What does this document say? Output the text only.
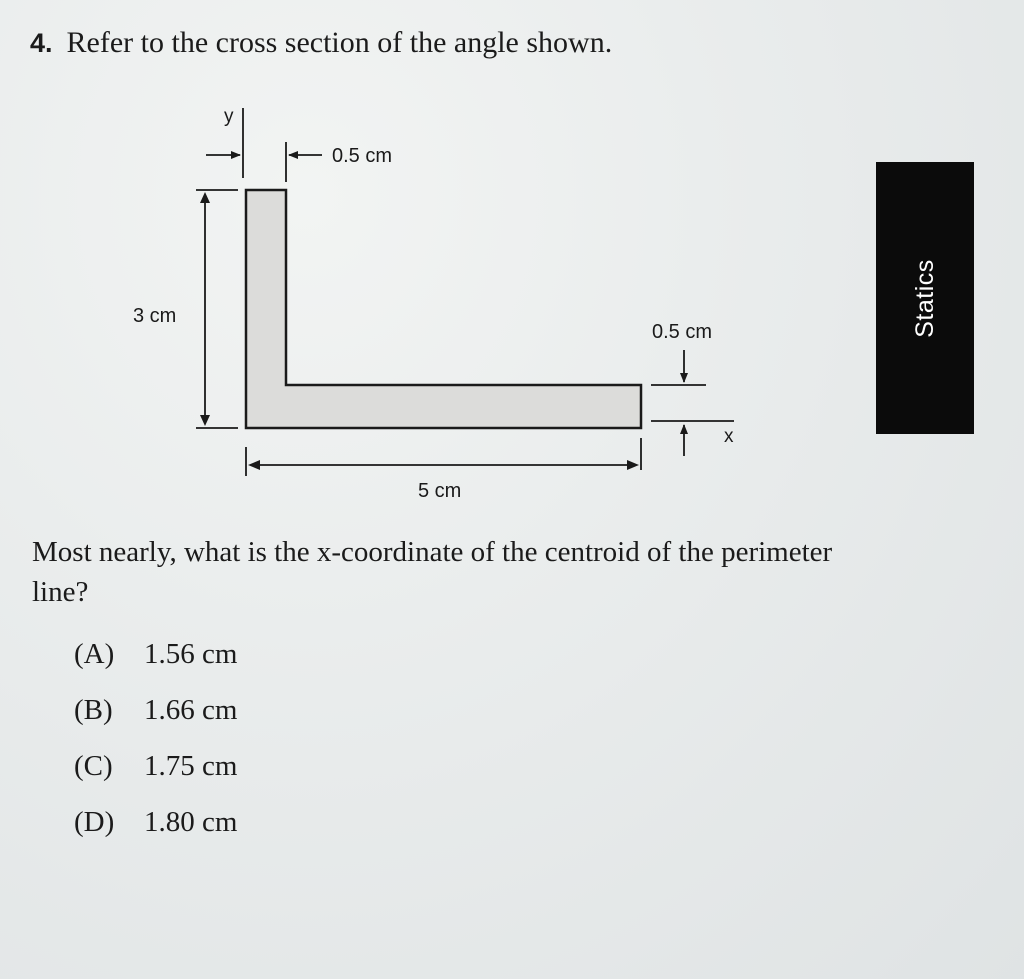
4. Refer to the cross section of the angle shown.
y
0.5 cm
3 cm
0.5 cm
x
5 cm
Statics
Most nearly, what is the x-coordinate of the centroid of the perimeter line?
(A) 1.56 cm
(B) 1.66 cm
(C) 1.75 cm
(D) 1.80 cm
